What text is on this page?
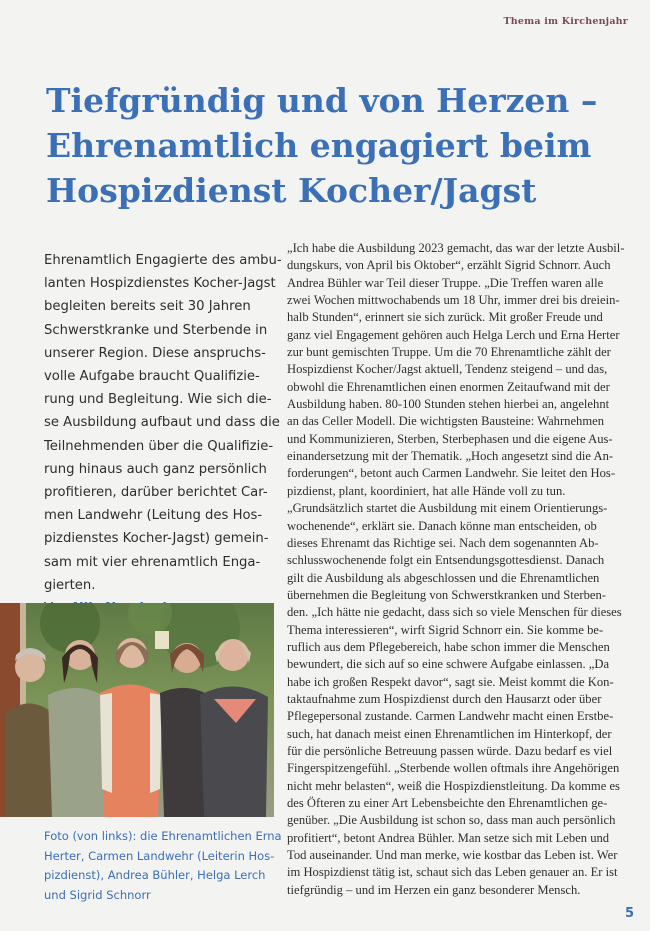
Thema im Kirchenjahr
Tiefgründig und von Herzen –
Ehrenamtlich engagiert beim
Hospizdienst Kocher/Jagst

Ehrenamtlich Engagierte des ambu-
lanten Hospizdienstes Kocher-Jagst
begleiten bereits seit 30 Jahren
Schwerstkranke und Sterbende in
unserer Region. Diese anspruchs-
volle Aufgabe braucht Qualifizie-
rung und Begleitung. Wie sich die-
se Ausbildung aufbaut und dass die
Teilnehmenden über die Qualifizie-
rung hinaus auch ganz persönlich
profitieren, darüber berichtet Car-
men Landwehr (Leitung des Hos-
pizdienstes Kocher-Jagst) gemein-
sam mit vier ehrenamtlich Enga-
gierten.

„Ich habe die Ausbildung 2023 gemacht, das war der letzte Ausbil-
dungskurs, von April bis Oktober“, erzählt Sigrid Schnorr. Auch
Andrea Bühler war Teil dieser Truppe. „Die Treffen waren alle
zwei Wochen mittwochabends um 18 Uhr, immer drei bis dreiein-
halb Stunden“, erinnert sie sich zurück. Mit großer Freude und
ganz viel Engagement gehören auch Helga Lerch und Erna Herter
zur bunt gemischten Truppe. Um die 70 Ehrenamtliche zählt der
Hospizdienst Kocher/Jagst aktuell, Tendenz steigend – und das,
obwohl die Ehrenamtlichen einen enormen Zeitaufwand mit der
Ausbildung haben. 80-100 Stunden stehen hierbei an, angelehnt
an das Celler Modell. Die wichtigsten Bausteine: Wahrnehmen
und Kommunizieren, Sterben, Sterbephasen und die eigene Aus-
einandersetzung mit der Thematik. „Hoch angesetzt sind die An-
forderungen“, betont auch Carmen Landwehr. Sie leitet den Hos-
pizdienst, plant, koordiniert, hat alle Hände voll zu tun.
„Grundsätzlich startet die Ausbildung mit einem Orientierungs-
wochenende“, erklärt sie. Danach könne man entscheiden, ob
dieses Ehrenamt das Richtige sei. Nach dem sogenannten Ab-
schlusswochenende folgt ein Entsendungsgottesdienst. Danach
gilt die Ausbildung als abgeschlossen und die Ehrenamtlichen
übernehmen die Begleitung von Schwerstkranken und Sterben-
den. „Ich hätte nie gedacht, dass sich so viele Menschen für dieses
Thema interessieren“, wirft Sigrid Schnorr ein. Sie komme be-
ruflich aus dem Pflegebereich, habe schon immer die Menschen
bewundert, die sich auf so eine schwere Aufgabe einlassen. „Da
habe ich großen Respekt davor“, sagt sie. Meist kommt die Kon-
taktaufnahme zum Hospizdienst durch den Hausarzt oder über
Pflegepersonal zustande. Carmen Landwehr macht einen Erstbe-
such, hat danach meist einen Ehrenamtlichen im Hinterkopf, der
für die persönliche Betreuung passen würde. Dazu bedarf es viel
Fingerspitzengefühl. „Sterbende wollen oftmals ihre Angehörigen
nicht mehr belasten“, weiß die Hospizdienstleitung. Da komme es
des Öfteren zu einer Art Lebensbeichte den Ehrenamtlichen ge-
genüber. „Die Ausbildung ist schon so, dass man auch persönlich
profitiert“, betont Andrea Bühler. Man setze sich mit Leben und
Tod auseinander. Und man merke, wie kostbar das Leben ist. Wer
im Hospizdienst tätig ist, schaut sich das Leben genauer an. Er ist
tiefgründig – und im Herzen ein ganz besonderer Mensch.
Foto (von links): die Ehrenamtlichen Erna
Herter, Carmen Landwehr (Leiterin Hos-
pizdienst), Andrea Bühler, Helga Lerch
und Sigrid Schnorr
5
